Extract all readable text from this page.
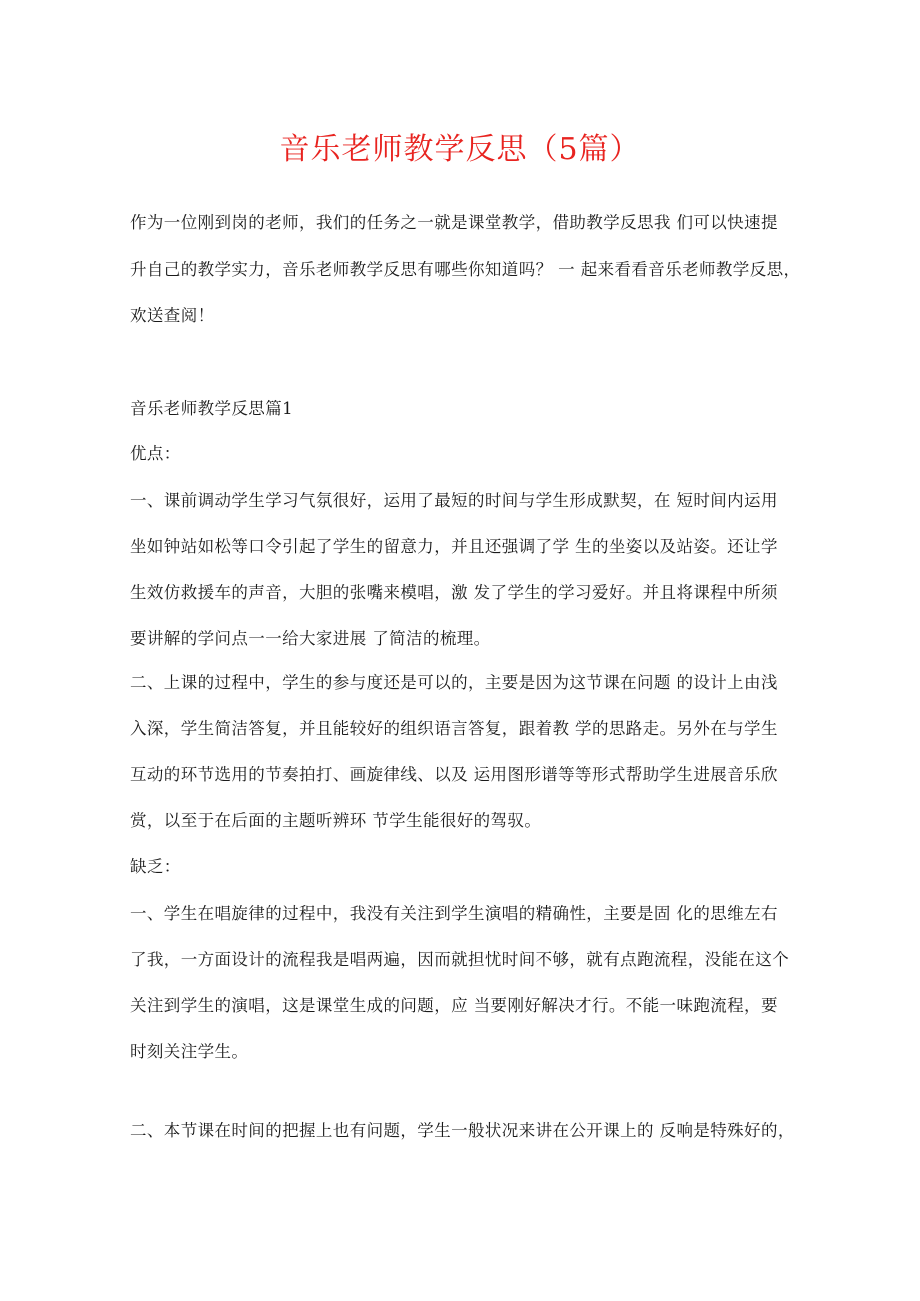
音乐老师教学反思（5篇）
作为一位刚到岗的老师，我们的任务之一就是课堂教学，借助教学反思我 们可以快速提
升自己的教学实力，音乐老师教学反思有哪些你知道吗？ 一 起来看看音乐老师教学反思，
欢送查阅！
音乐老师教学反思篇1
优点：
一、课前调动学生学习气氛很好，运用了最短的时间与学生形成默契，在 短时间内运用
坐如钟站如松等口令引起了学生的留意力，并且还强调了学 生的坐姿以及站姿。还让学
生效仿救援车的声音，大胆的张嘴来模唱，激 发了学生的学习爱好。并且将课程中所须
要讲解的学问点一一给大家进展 了简洁的梳理。
二、上课的过程中，学生的参与度还是可以的，主要是因为这节课在问题 的设计上由浅
入深，学生简洁答复，并且能较好的组织语言答复，跟着教 学的思路走。另外在与学生
互动的环节选用的节奏拍打、画旋律线、以及 运用图形谱等等形式帮助学生进展音乐欣
赏，以至于在后面的主题听辨环 节学生能很好的驾驭。
缺乏：
一、学生在唱旋律的过程中，我没有关注到学生演唱的精确性，主要是固 化的思维左右
了我，一方面设计的流程我是唱两遍，因而就担忧时间不够，就有点跑流程，没能在这个
关注到学生的演唱，这是课堂生成的问题，应 当要刚好解决才行。不能一味跑流程，要
时刻关注学生。
二、本节课在时间的把握上也有问题，学生一般状况来讲在公开课上的 反响是特殊好的，
